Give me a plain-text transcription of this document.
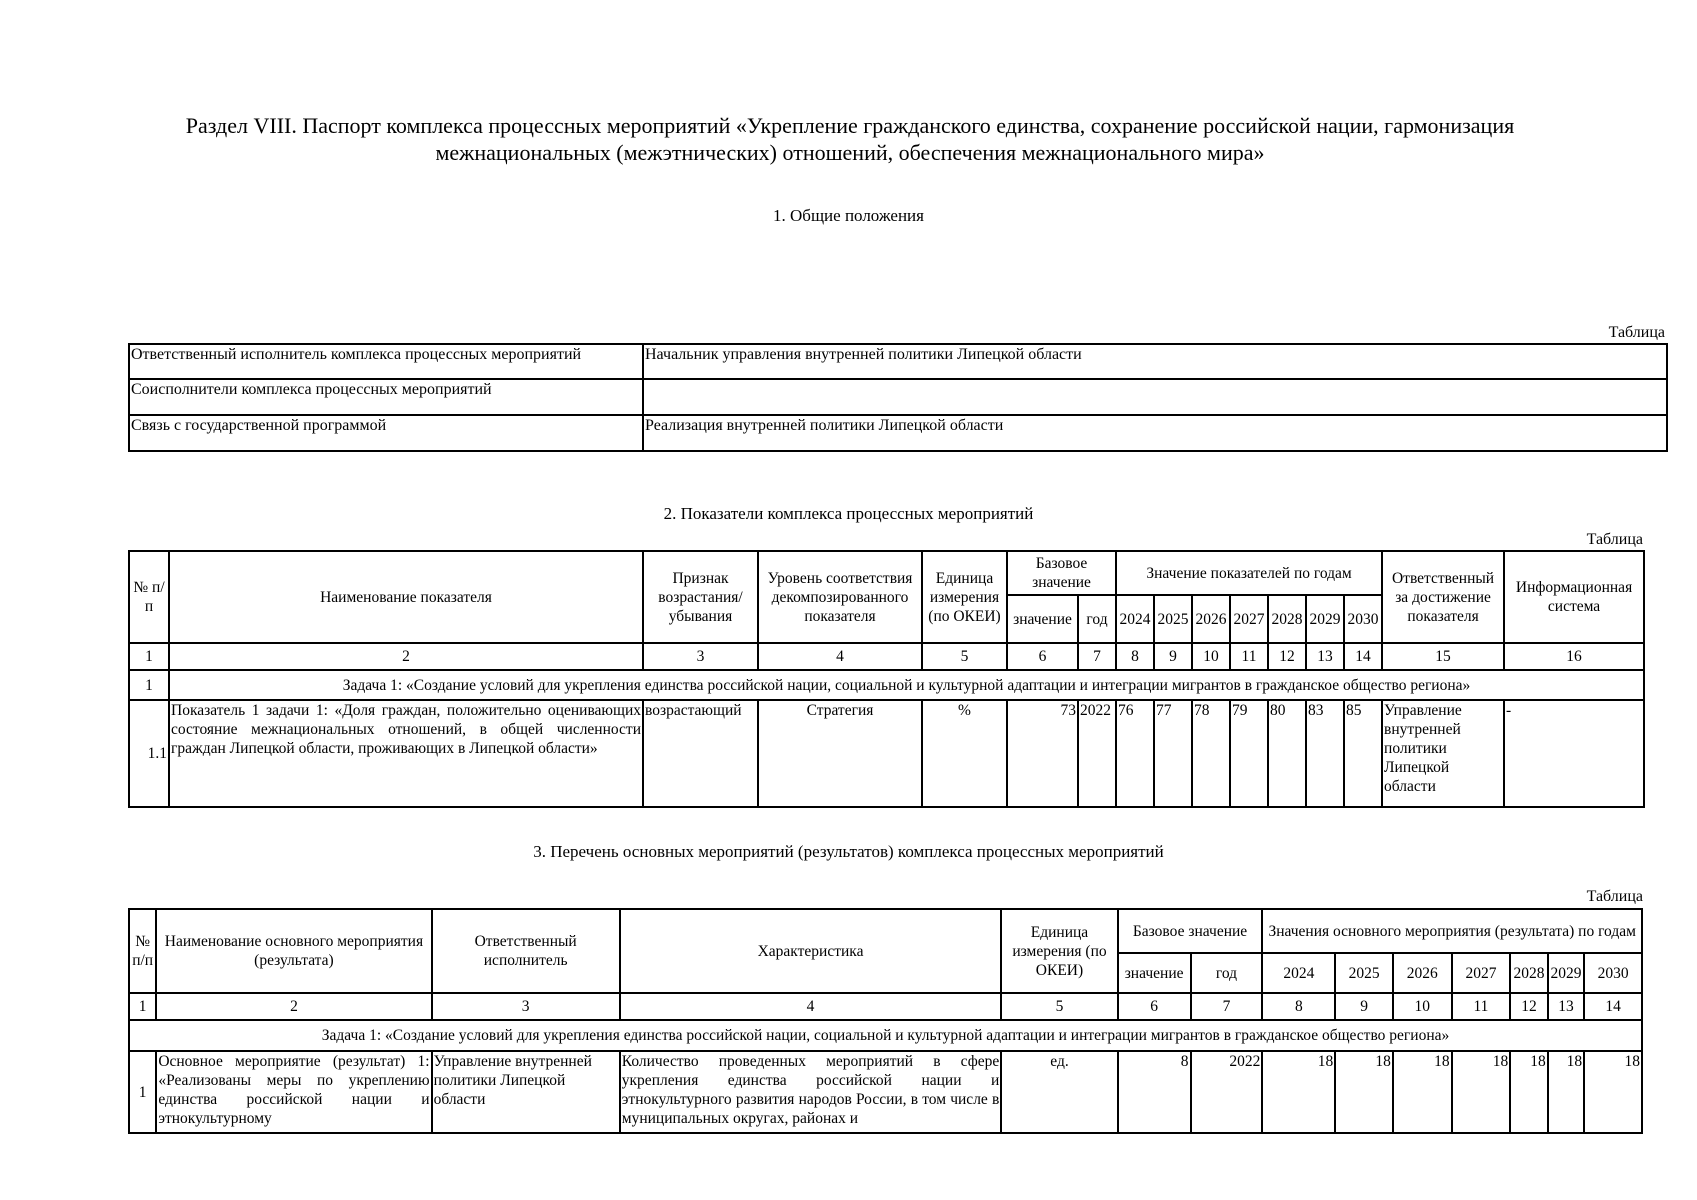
Раздел VIII. Паспорт комплекса процессных мероприятий «Укрепление гражданского единства, сохранение российской нации, гармонизация
межнациональных (межэтнических) отношений, обеспечения межнационального мира»
1. Общие положения
Таблица
Ответственный исполнитель комплекса процессных мероприятий	Начальник управления внутренней политики Липецкой области
Соисполнители комплекса процессных мероприятий	
Связь с государственной программой	Реализация внутренней политики Липецкой области
2. Показатели комплекса процессных мероприятий
Таблица
№ п/п	Наименование показателя	Признак возрастания/ убывания	Уровень соответствия декомпозированного показателя	Единица измерения (по ОКЕИ)	Базовое значение		Значение показателей по годам							Ответственный за достижение показателя	Информационная система
					значение	год	2024	2025	2026	2027	2028	2029	2030		
1	2	3	4	5	6	7	8	9	10	11	12	13	14	15	16
1	Задача 1: «Создание условий для укрепления единства российской нации, социальной и культурной адаптации и интеграции мигрантов в гражданское общество региона»														
1.1	Показатель 1 задачи 1: «Доля граждан, положительно оценивающих состояние межнациональных отношений, в общей численности граждан Липецкой области, проживающих в Липецкой области»	возрастающий	Стратегия	%	73	2022	76	77	78	79	80	83	85	Управление внутренней политики Липецкой области	-
3. Перечень основных мероприятий (результатов) комплекса процессных мероприятий
Таблица
№ п/п	Наименование основного мероприятия (результата)	Ответственный исполнитель	Характеристика	Единица измерения (по ОКЕИ)	Базовое значение		Значения основного мероприятия (результата) по годам						
					значение	год	2024	2025	2026	2027	2028	2029	2030
1	2	3	4	5	6	7	8	9	10	11	12	13	14
Задача 1: «Создание условий для укрепления единства российской нации, социальной и культурной адаптации и интеграции мигрантов в гражданское общество региона»													
1	Основное мероприятие (результат) 1: «Реализованы меры по укреплению единства российской нации и этнокультурному	Управление внутренней политики Липецкой области	Количество проведенных мероприятий в сфере укрепления единства российской нации и этнокультурного развития народов России, в том числе в муниципальных округах, районах и	ед.	8	2022	18	18	18	18	18	18	18
